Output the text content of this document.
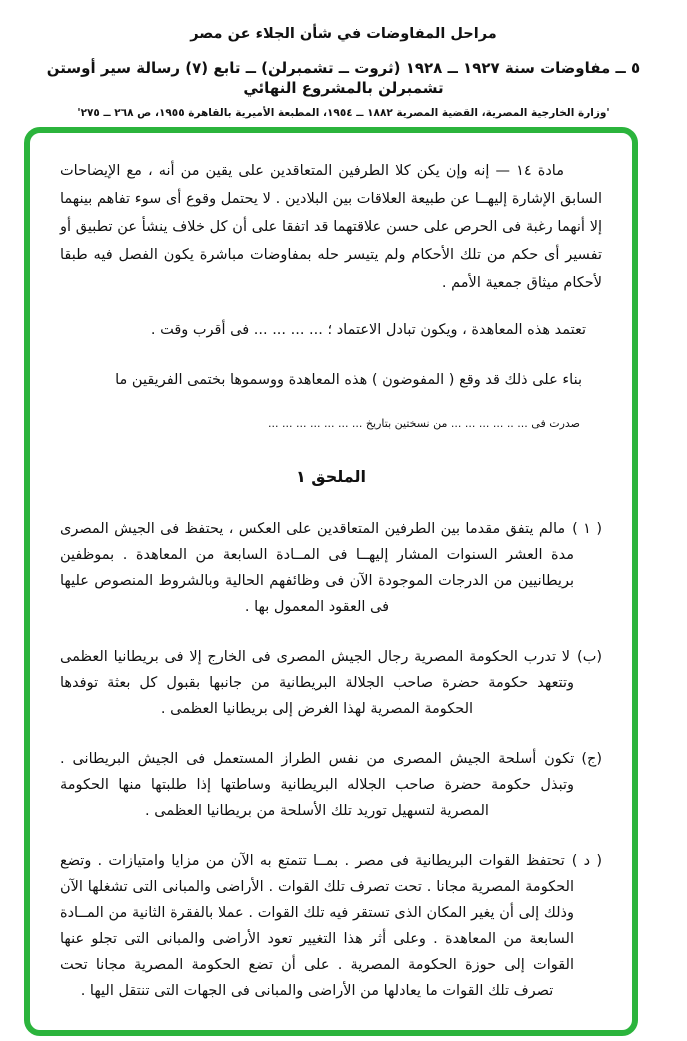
مراحل المفاوضات في شأن الجلاء عن مصر
٥ ــ مفاوضات سنة ١٩٢٧ ــ ١٩٢٨ (ثروت ــ تشمبرلن) ــ تابع (٧) رسالة سير أوستن تشمبرلن بالمشروع النهائي
'وزارة الخارجية المصرية، القضية المصرية ١٨٨٢ ــ ١٩٥٤، المطبعة الأميرية بالقاهرة ١٩٥٥، ص ٢٦٨ ــ ٢٧٥'

مادة ١٤ — إنه وإن يكن كلا الطرفين المتعاقدين على يقين من أنه ، مع الإيضاحات السابق الإشارة إليهــا عن طبيعة العلاقات بين البلادين . لا يحتمل وقوع أى سوء تفاهم بينهما إلا أنهما رغبة فى الحرص على حسن علاقتهما قد اتفقا على أن كل خلاف ينشأ عن تطبيق أو تفسير أى حكم من تلك الأحكام ولم يتيسر حله بمفاوضات مباشرة يكون الفصل فيه طبقا لأحكام ميثاق جمعية الأمم .

تعتمد هذه المعاهدة ، ويكون تبادل الاعتماد ؛ ... ... ... ... فى أقرب وقت .

بناء على ذلك قد وقع ( المفوضون ) هذه المعاهدة ووسموها بختمى الفريقين ما

صدرت فى ... .. ... ... ... ... من نسختين بتاريخ ... ... ... ... ... ... ...

الملحق ١

( ١ )مالم يتفق مقدما بين الطرفين المتعاقدين على العكس ، يحتفظ فى الجيش المصرى مدة العشر السنوات المشار إليهــا فى المــادة السابعة من المعاهدة . بموظفين بريطانيين من الدرجات الموجودة الآن فى وظائفهم الحالية وبالشروط المنصوص عليها فى العقود المعمول بها .

(ب)لا تدرب الحكومة المصرية رجال الجيش المصرى فى الخارج إلا فى بريطانيا العظمى وتتعهد حكومة حضرة صاحب الجلالة البريطانية من جانبها بقبول كل بعثة توفدها الحكومة المصرية لهذا الغرض إلى بريطانيا العظمى .

(ج)تكون أسلحة الجيش المصرى من نفس الطراز المستعمل فى الجيش البريطانى . وتبذل حكومة حضرة صاحب الجلاله البريطانية وساطتها إذا طلبتها منها الحكومة المصرية لتسهيل توريد تلك الأسلحة من بريطانيا العظمى .

( د )تحتفظ القوات البريطانية فى مصر . بمــا تتمتع به الآن من مزايا وامتيازات . وتضع الحكومة المصرية مجانا . تحت تصرف تلك القوات . الأراضى والمبانى التى تشغلها الآن وذلك إلى أن يغير المكان الذى تستقر فيه تلك القوات . عملا بالفقرة الثانية من المــادة السابعة من المعاهدة . وعلى أثر هذا التغيير تعود الأراضى والمبانى التى تجلو عنها القوات إلى حوزة الحكومة المصرية . على أن تضع الحكومة المصرية مجانا تحت تصرف تلك القوات ما يعادلها من الأراضى والمبانى فى الجهات التى تنتقل اليها .
